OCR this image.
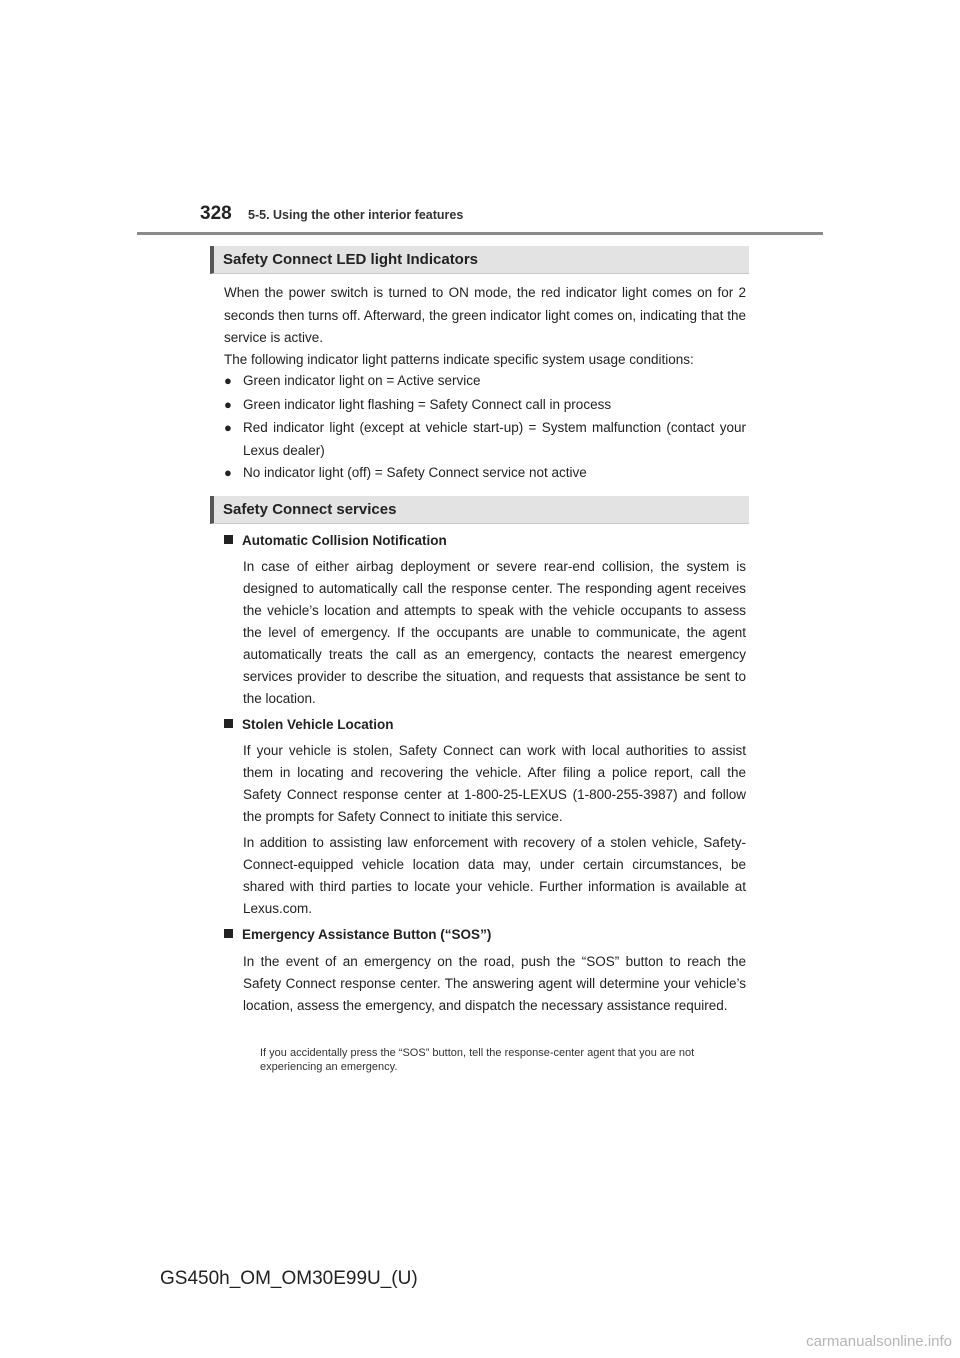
328 5-5. Using the other interior features
Safety Connect LED light Indicators
When the power switch is turned to ON mode, the red indicator light comes on for 2 seconds then turns off. Afterward, the green indicator light comes on, indicating that the service is active.
The following indicator light patterns indicate specific system usage conditions:
● Green indicator light on = Active service
● Green indicator light flashing = Safety Connect call in process
● Red indicator light (except at vehicle start-up) = System malfunction (contact your Lexus dealer)
● No indicator light (off) = Safety Connect service not active
Safety Connect services
Automatic Collision Notification
In case of either airbag deployment or severe rear-end collision, the system is designed to automatically call the response center. The responding agent receives the vehicle’s location and attempts to speak with the vehicle occupants to assess the level of emergency. If the occupants are unable to communicate, the agent automatically treats the call as an emergency, contacts the nearest emergency services provider to describe the situation, and requests that assistance be sent to the location.
Stolen Vehicle Location
If your vehicle is stolen, Safety Connect can work with local authorities to assist them in locating and recovering the vehicle. After filing a police report, call the Safety Connect response center at 1-800-25-LEXUS (1-800-255-3987) and follow the prompts for Safety Connect to initiate this service.
In addition to assisting law enforcement with recovery of a stolen vehicle, Safety-Connect-equipped vehicle location data may, under certain circumstances, be shared with third parties to locate your vehicle. Further information is available at Lexus.com.
Emergency Assistance Button (“SOS”)
In the event of an emergency on the road, push the “SOS” button to reach the Safety Connect response center. The answering agent will determine your vehicle’s location, assess the emergency, and dispatch the necessary assistance required.
If you accidentally press the “SOS” button, tell the response-center agent that you are not experiencing an emergency.
GS450h_OM_OM30E99U_(U)
carmanualsonline.info
